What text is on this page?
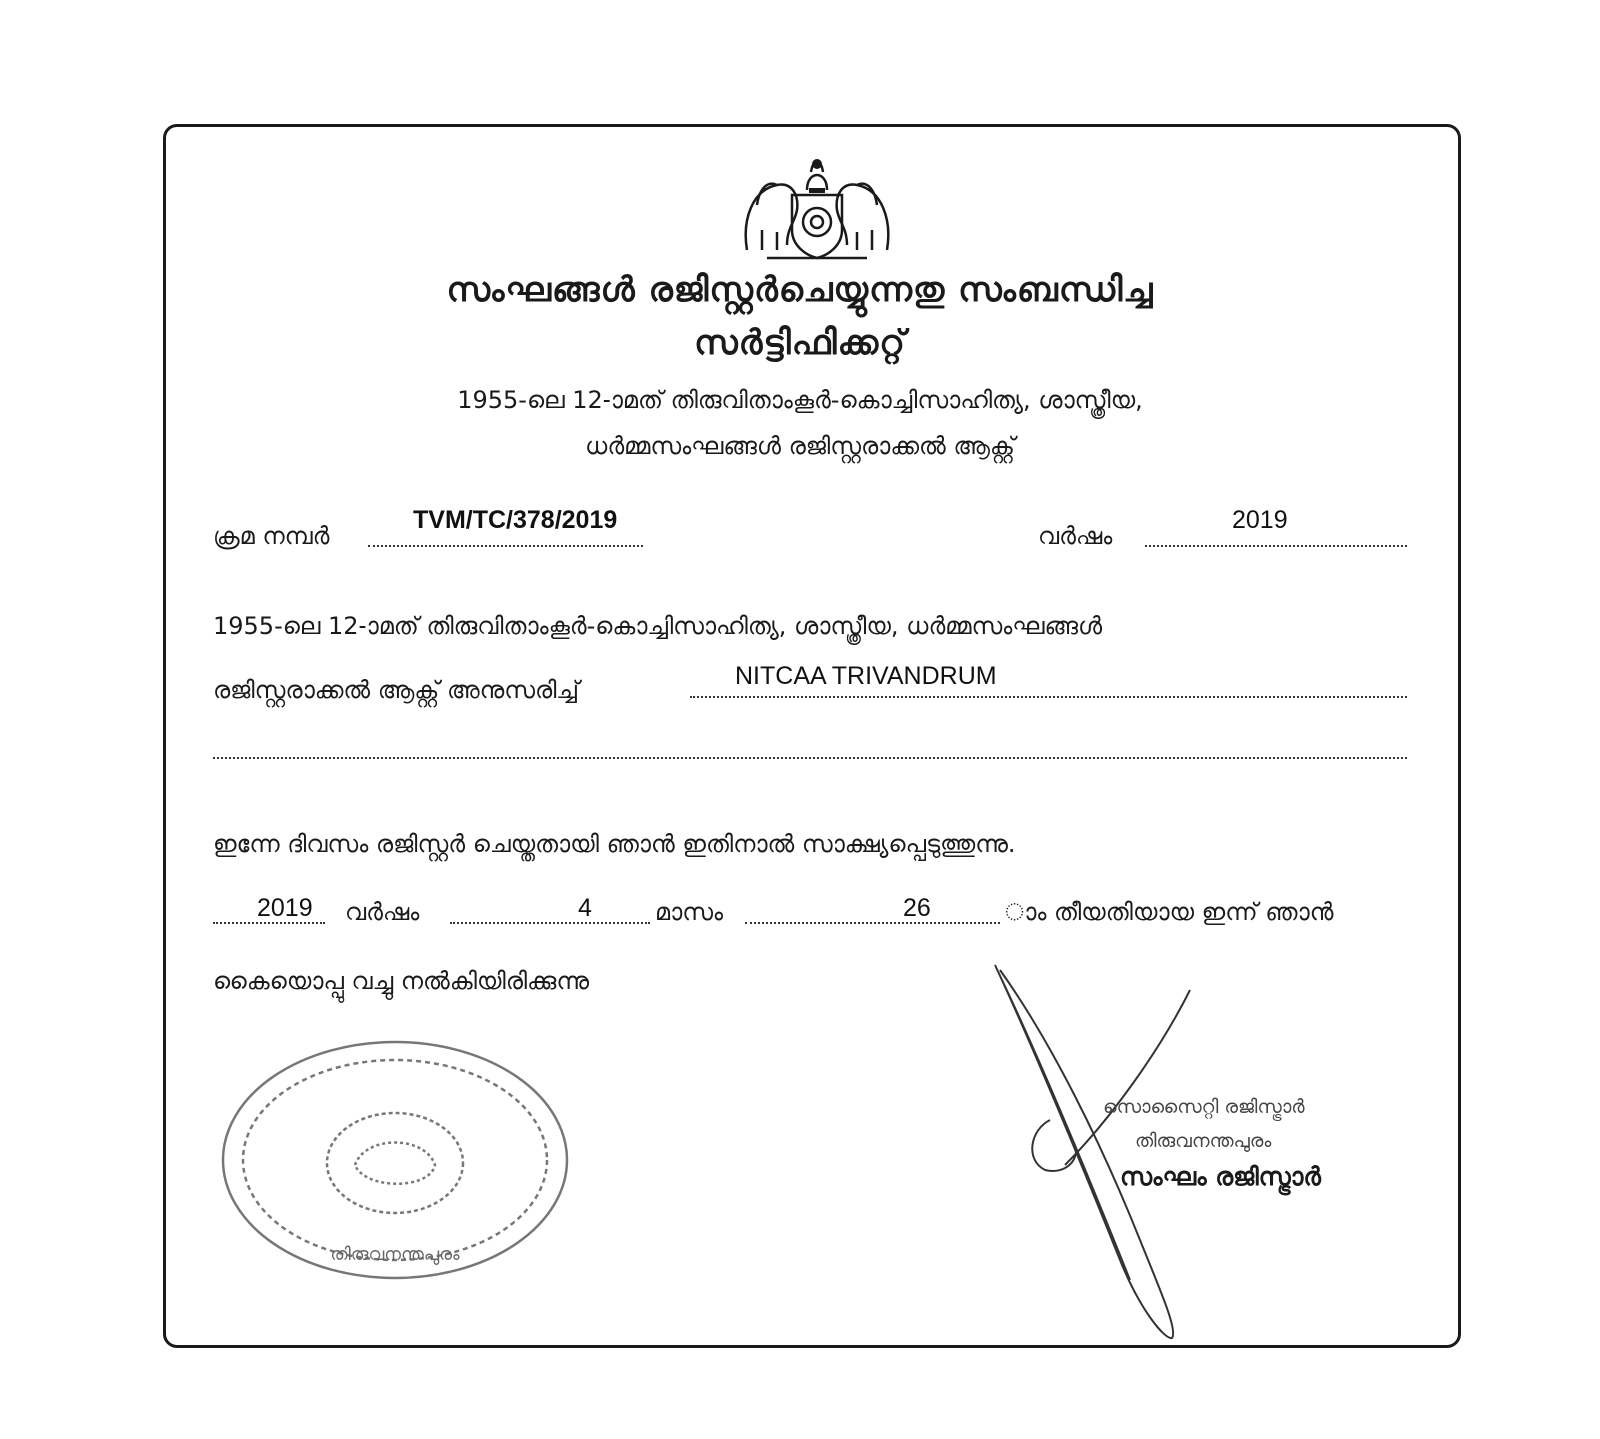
സംഘങ്ങൾ രജിസ്റ്റർചെയ്യുന്നതു സംബന്ധിച്ച
സർട്ടിഫിക്കറ്റ്
1955-ലെ 12-ാമത് തിരുവിതാംകൂർ-കൊച്ചിസാഹിത്യ, ശാസ്ത്രീയ,
ധർമ്മസംഘങ്ങൾ രജിസ്റ്റരാക്കൽ ആക്റ്റ്
ക്രമ നമ്പർ
TVM/TC/378/2019
വർഷം
2019
1955-ലെ 12-ാമത് തിരുവിതാംകൂർ-കൊച്ചിസാഹിത്യ, ശാസ്ത്രീയ, ധർമ്മസംഘങ്ങൾ
രജിസ്റ്റരാക്കൽ ആക്റ്റ് അനുസരിച്ച്	NITCAA TRIVANDRUM
ഇന്നേ ദിവസം രജിസ്റ്റർ ചെയ്തതായി ഞാൻ ഇതിനാൽ സാക്ഷ്യപ്പെടുത്തുന്നു.
2019 വർഷം	4	മാസം	26	ാം തീയതിയായ ഇന്ന് ഞാൻ
കൈയൊപ്പു വച്ചു നൽകിയിരിക്കുന്നു
തിരുവനന്തപുരം
സൊസൈറ്റി രജിസ്ട്രാർ
തിരുവനന്തപുരം
സംഘം രജിസ്ട്രാർ
